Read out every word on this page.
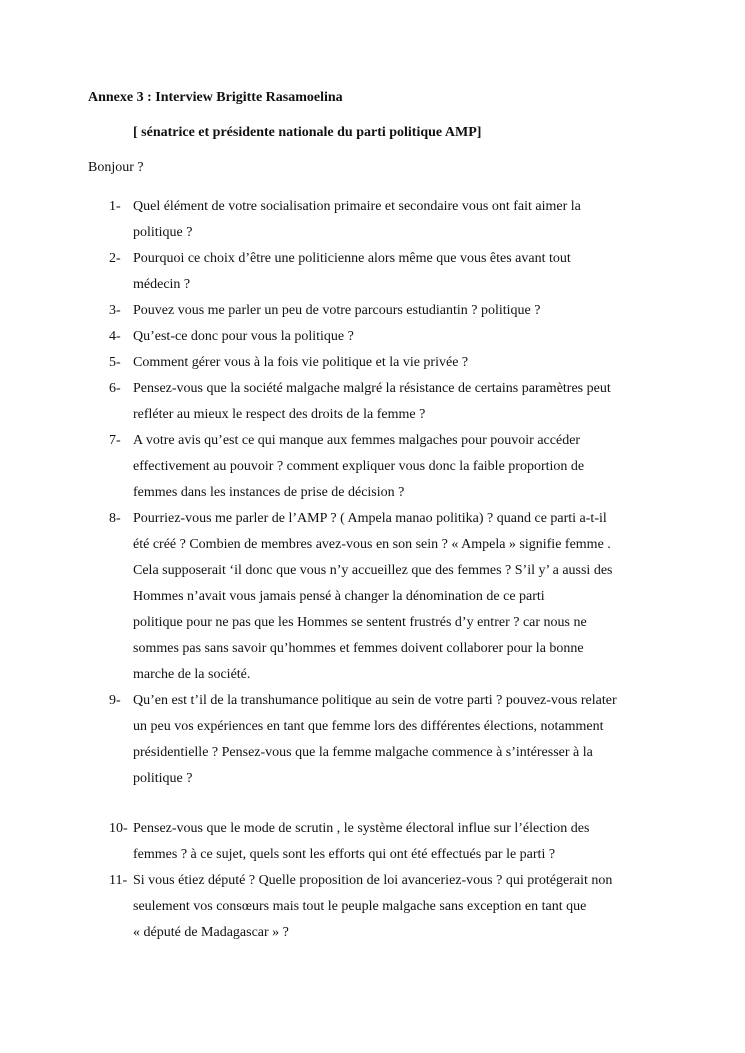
Annexe 3 : Interview Brigitte Rasamoelina
[ sénatrice et présidente nationale du parti politique AMP]
Bonjour ?
1- Quel élément de votre socialisation primaire et secondaire vous ont fait aimer la
politique ?
2- Pourquoi ce choix d’être une politicienne alors même que vous êtes avant tout
médecin ?
3- Pouvez vous me parler un peu de votre parcours estudiantin ? politique ?
4- Qu’est-ce donc pour vous la politique ?
5- Comment gérer vous à la fois vie politique et la vie privée ?
6- Pensez-vous que la société malgache malgré la résistance de certains paramètres peut
refléter au mieux le respect des droits de la femme ?
7- A votre avis qu’est ce qui manque aux femmes malgaches pour pouvoir accéder
effectivement au pouvoir ? comment expliquer vous donc la faible proportion de
femmes dans les instances de prise de décision ?
8- Pourriez-vous me parler de l’AMP ? ( Ampela manao politika) ? quand ce parti a-t-il
été créé ? Combien de membres avez-vous en son sein ? « Ampela » signifie femme .
Cela supposerait ‘il donc que vous n’y accueillez que des femmes ? S’il y’ a aussi des
Hommes n’avait vous jamais pensé à changer la dénomination de ce parti
politique pour ne pas que les Hommes se sentent frustrés d’y entrer ? car nous ne
sommes pas sans savoir qu’hommes et femmes doivent collaborer pour la bonne
marche de la société.
9- Qu’en est t’il de la transhumance politique au sein de votre parti ? pouvez-vous relater
un peu vos expériences en tant que femme lors des différentes élections, notamment
présidentielle ? Pensez-vous que la femme malgache commence à s’intéresser à la
politique ?
10- Pensez-vous que le mode de scrutin , le système électoral influe sur l’élection des
femmes ? à ce sujet, quels sont les efforts qui ont été effectués par le parti ?
11- Si vous étiez député ? Quelle proposition de loi avanceriez-vous ? qui protégerait non
seulement vos consœurs mais tout le peuple malgache sans exception en tant que
« député de Madagascar » ?
